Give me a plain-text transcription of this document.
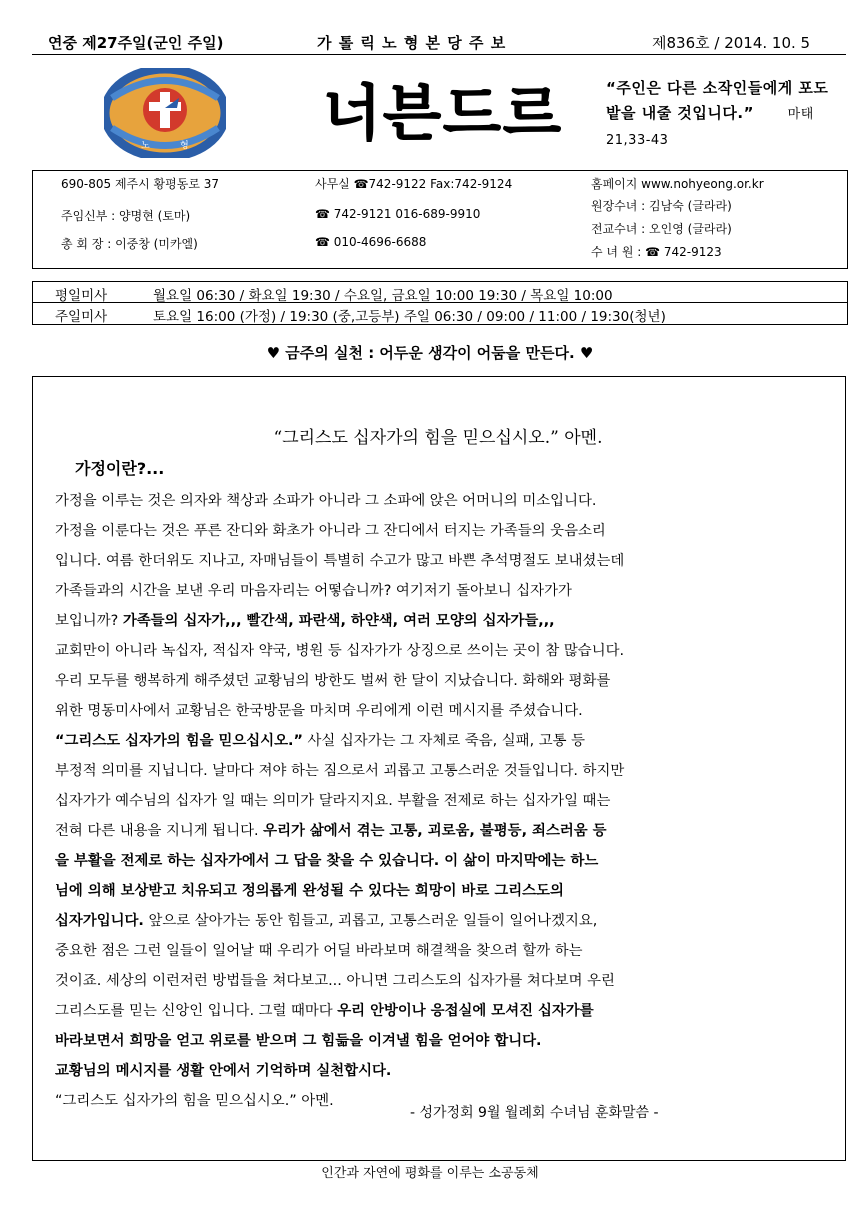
연중 제27주일(군인 주일)	가 톨 릭 노 형 본 당 주 보	제836호 / 2014. 10. 5
노	형 너븐드르	“주인은 다른 소작인들에게 포도밭을 내줄 것입니다.”	마태 21,33-43
690-805 제주시 황평동로 37	사무실 ☎742-9122 Fax:742-9124	홈페이지 www.nohyeong.or.kr
주임신부 : 양명현 (토마)	☎ 742-9121 016-689-9910
원장수녀 : 김남숙 (글라라)
전교수녀 : 오인영 (글라라)
총 회 장 : 이중창 (미카엘)	☎ 010-4696-6688
수 녀 원 : ☎ 742-9123
평일미사	월요일 06:30 / 화요일 19:30 / 수요일, 금요일 10:00 19:30 / 목요일 10:00
주일미사	토요일 16:00 (가정) / 19:30 (중,고등부) 주일 06:30 / 09:00 / 11:00 / 19:30(청년)
♥ 금주의 실천 : 어두운 생각이 어둠을 만든다. ♥
“그리스도 십자가의 힘을 믿으십시오.” 아멘.
가정이란?...
가정을 이루는 것은 의자와 책상과 소파가 아니라 그 소파에 앉은 어머니의 미소입니다.
가정을 이룬다는 것은 푸른 잔디와 화초가 아니라 그 잔디에서 터지는 가족들의 웃음소리
입니다. 여름 한더위도 지나고, 자매님들이 특별히 수고가 많고 바쁜 추석명절도 보내셨는데
가족들과의 시간을 보낸 우리 마음자리는 어떻습니까? 여기저기 돌아보니 십자가가
보입니까? 가족들의 십자가,,, 빨간색, 파란색, 하얀색, 여러 모양의 십자가들,,,
교회만이 아니라 녹십자, 적십자 약국, 병원 등 십자가가 상징으로 쓰이는 곳이 참 많습니다.
우리 모두를 행복하게 해주셨던 교황님의 방한도 벌써 한 달이 지났습니다. 화해와 평화를
위한 명동미사에서 교황님은 한국방문을 마치며 우리에게 이런 메시지를 주셨습니다.
“그리스도 십자가의 힘을 믿으십시오.” 사실 십자가는 그 자체로 죽음, 실패, 고통 등
부정적 의미를 지닙니다. 날마다 져야 하는 짐으로서 괴롭고 고통스러운 것들입니다. 하지만
십자가가 예수님의 십자가 일 때는 의미가 달라지지요. 부활을 전제로 하는 십자가일 때는
전혀 다른 내용을 지니게 됩니다. 우리가 삶에서 겪는 고통, 괴로움, 불평등, 죄스러움 등
을 부활을 전제로 하는 십자가에서 그 답을 찾을 수 있습니다. 이 삶이 마지막에는 하느
님에 의해 보상받고 치유되고 정의롭게 완성될 수 있다는 희망이 바로 그리스도의
십자가입니다. 앞으로 살아가는 동안 힘들고, 괴롭고, 고통스러운 일들이 일어나겠지요,
중요한 점은 그런 일들이 일어날 때 우리가 어딜 바라보며 해결책을 찾으려 할까 하는
것이죠. 세상의 이런저런 방법들을 쳐다보고... 아니면 그리스도의 십자가를 쳐다보며 우린
그리스도를 믿는 신앙인 입니다. 그럴 때마다 우리 안방이나 응접실에 모셔진 십자가를
바라보면서 희망을 얻고 위로를 받으며 그 힘듦을 이겨낼 힘을 얻어야 합니다.
교황님의 메시지를 생활 안에서 기억하며 실천합시다.
“그리스도 십자가의 힘을 믿으십시오.” 아멘.
- 성가정회 9월 월례회 수녀님 훈화말씀 -
인간과 자연에 평화를 이루는 소공동체
